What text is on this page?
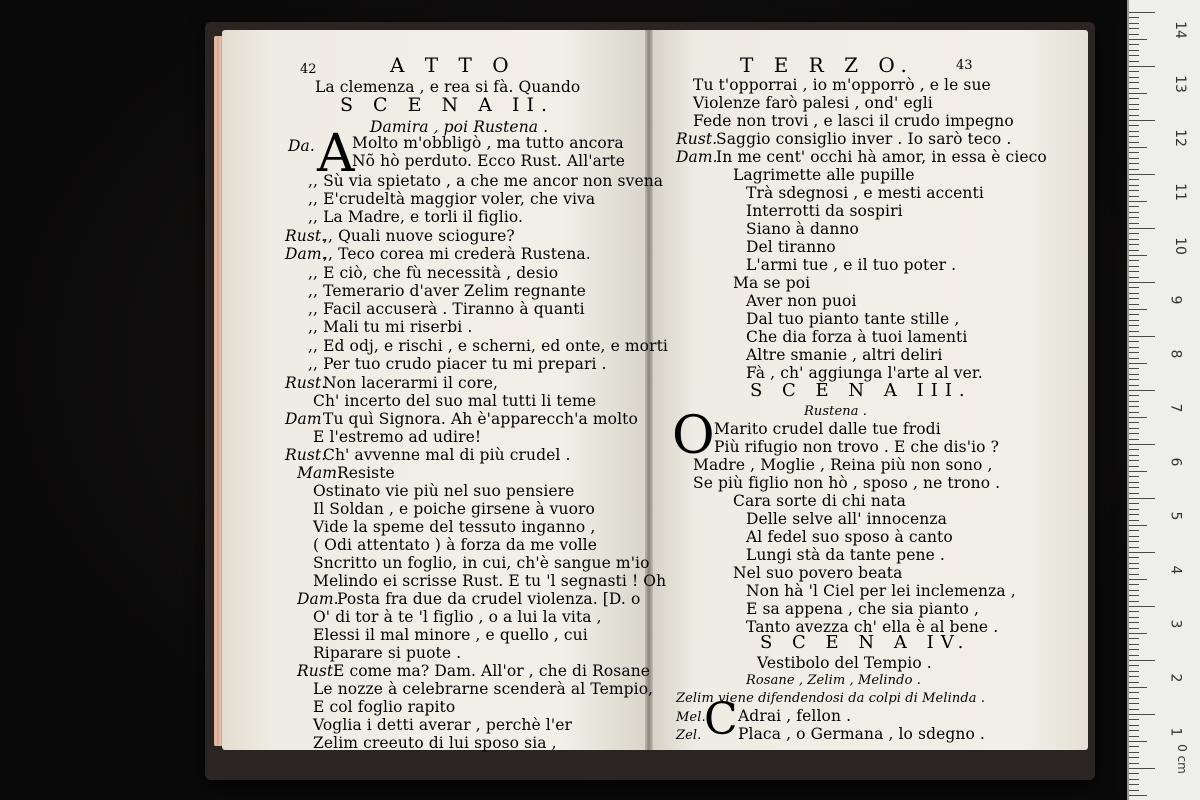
42	A T T O
La clemenza , e rea si fà. Quando
S C E N A II.
Damira , poi Rustena .
Da. A
Molto m'obbligò , ma tutto ancora
Nõ hò perduto. Ecco Rust. All'arte
,, Sù via spietato , a che me ancor non svena
,, E'crudeltà maggior voler, che viva
,, La Madre, e torli il figlio.
Rust.
,, Quali nuove sciogure?
Dam.
,, Teco corea mi crederà Rustena.
,, E ciò, che fù necessità , desio
,, Temerario d'aver Zelim regnante
,, Facil accuserà . Tiranno à quanti
,, Mali tu mi riserbi .
,, Ed odj, e rischi , e scherni, ed onte, e morti
,, Per tuo crudo piacer tu mi prepari .
Rust.
Non lacerarmi il core,
Ch' incerto del suo mal tutti li teme
Dam Tu quì Signora. Ah è'apparecch'a molto
E l'estremo ad udire!
Rust.
Ch' avvenne mal di più crudel .
Mam.
Resiste
Ostinato vie più nel suo pensiere
Il Soldan , e poiche girsene à vuoro
Vide la speme del tessuto inganno ,
( Odi attentato ) à forza da me volle
Sncritto un foglio, in cui, ch'è sangue m'io
Melindo ei scrisse Rust. E tu 'l segnasti ! Oh
Dam.
Posta fra due da crudel violenza. [D. o
O' di tor à te 'l figlio , o a lui la vita ,
Elessi il mal minore , e quello , cui
Riparare si puote .
Rust.
E come ma? Dam. All'or , che di Rosane
Le nozze à celebrarne scenderà al Tempio,
E col foglio rapito
Voglia i detti averar , perchè l'er
Zelim creeuto di lui sposo sia ,
T E R Z O.	43
Tu t'opporrai , io m'opporrò , e le sue
Violenze farò palesi , ond' egli
Fede non trovi , e lasci il crudo impegno
Rust.
Saggio consiglio inver . Io sarò teco .
Dam.
In me cent' occhi hà amor, in essa è cieco
Lagrimette alle pupille
Trà sdegnosi , e mesti accenti
Interrotti da sospiri
Siano à danno
Del tiranno
L'armi tue , e il tuo poter .
Ma se poi
Aver non puoi
Dal tuo pianto tante stille ,
Che dia forza à tuoi lamenti
Altre smanie , altri deliri
Fà , ch' aggiunga l'arte al ver.
S C E N A III.
Rustena .
O Marito crudel dalle tue frodi
Più rifugio non trovo . E che dis'io ?
Madre , Moglie , Reina più non sono ,
Se più figlio non hò , sposo , ne trono .
Cara sorte di chi nata
Delle selve all' innocenza
Al fedel suo sposo à canto
Lungi stà da tante pene .
Nel suo povero beata
Non hà 'l Ciel per lei inclemenza ,
E sa appena , che sia pianto ,
Tanto avezza ch' ella è al bene .
S C E N A IV.
Vestibolo del Tempio .
Rosane , Zelim , Melindo .
Zelim viene difendendosi da colpi di Melinda .
Mel.
C Adrai , fellon .
Zel. Placa , o Germana , lo sdegno .
14
13
12
11
10
9
8
7
6
5
4
3
2
1
0 cm
